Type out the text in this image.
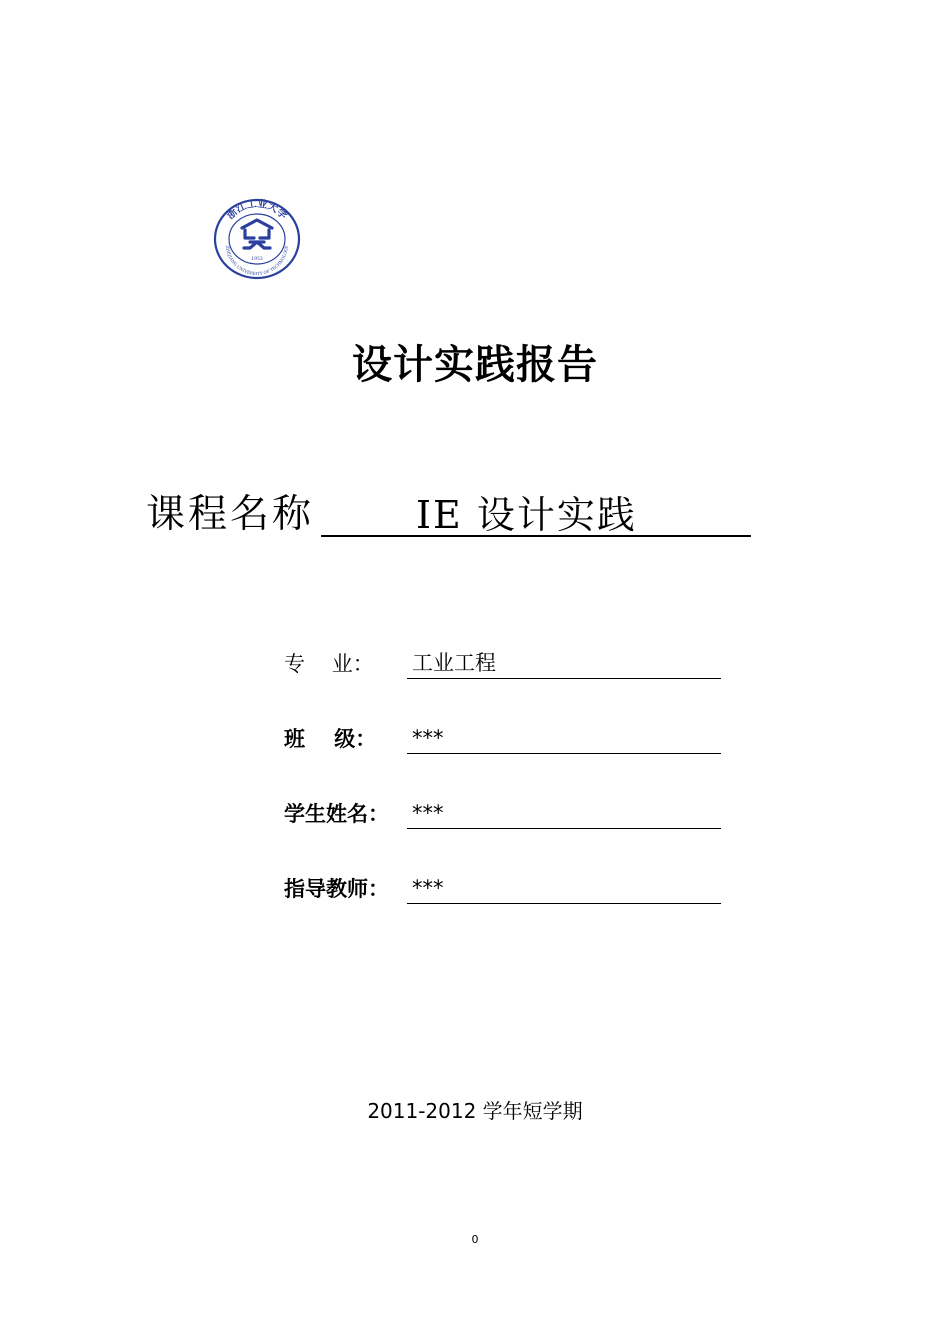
浙江工业大学
ZHEJIANG UNIVERSITY OF TECHNOLOGY
1953
设计实践报告
课程名称	IE 设计实践
专    业： 工业工程
班    级： ***
学生姓名： ***
指导教师： ***
2011-2012 学年短学期
0
